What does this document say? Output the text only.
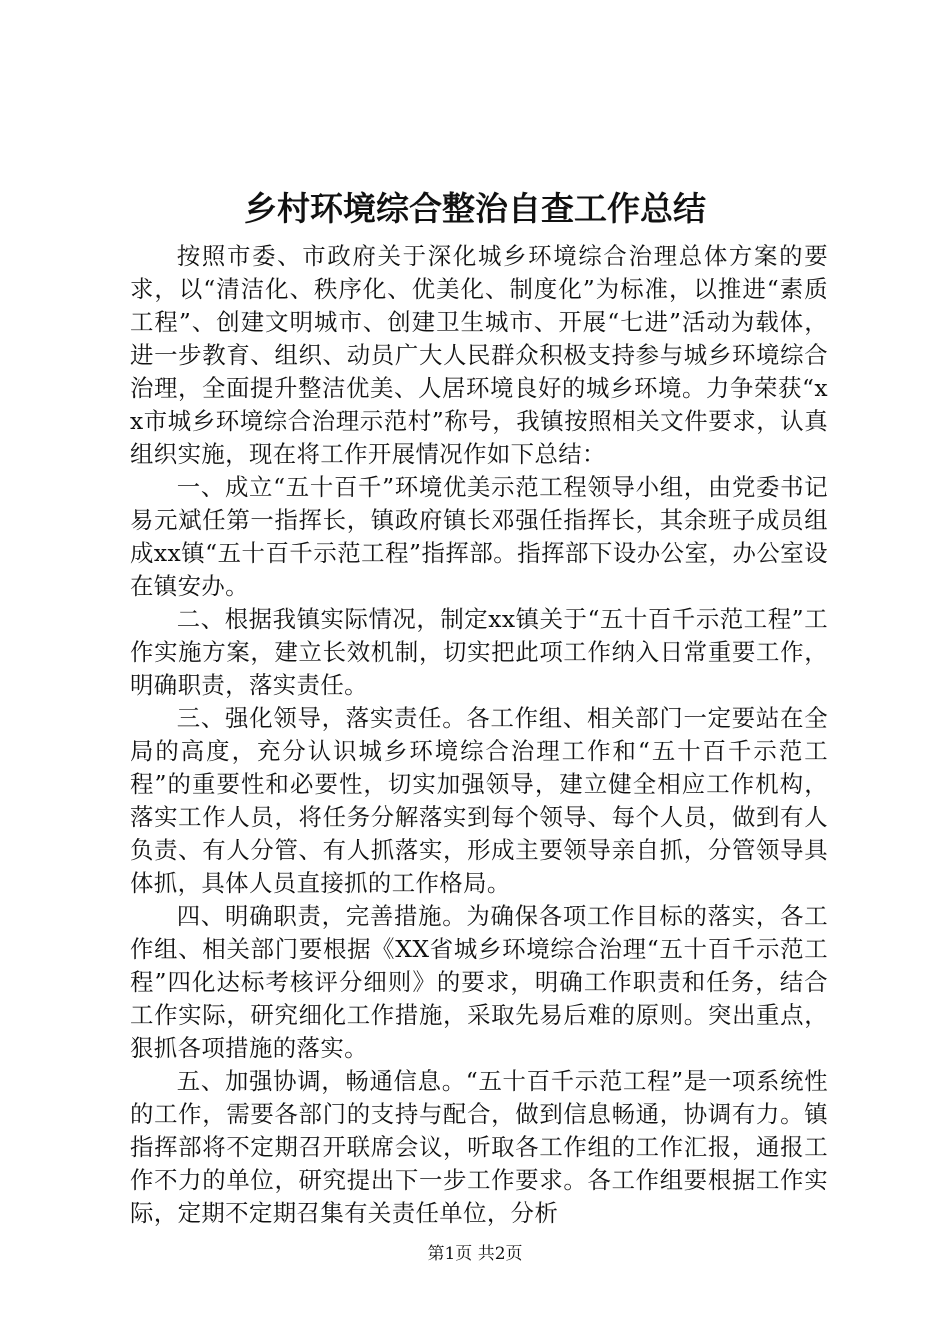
乡村环境综合整治自查工作总结

按照市委、市政府关于深化城乡环境综合治理总体方案的要求，以“清洁化、秩序化、优美化、制度化”为标准，以推进“素质工程”、创建文明城市、创建卫生城市、开展“七进”活动为载体，进一步教育、组织、动员广大人民群众积极支持参与城乡环境综合治理，全面提升整洁优美、人居环境良好的城乡环境。力争荣获“xx市城乡环境综合治理示范村”称号，我镇按照相关文件要求，认真组织实施，现在将工作开展情况作如下总结：

一、成立“五十百千”环境优美示范工程领导小组，由党委书记易元斌任第一指挥长，镇政府镇长邓强任指挥长，其余班子成员组成xx镇“五十百千示范工程”指挥部。指挥部下设办公室，办公室设在镇安办。

二、根据我镇实际情况，制定xx镇关于“五十百千示范工程”工作实施方案，建立长效机制，切实把此项工作纳入日常重要工作，明确职责，落实责任。

三、强化领导，落实责任。各工作组、相关部门一定要站在全局的高度，充分认识城乡环境综合治理工作和“五十百千示范工程”的重要性和必要性，切实加强领导，建立健全相应工作机构，落实工作人员，将任务分解落实到每个领导、每个人员，做到有人负责、有人分管、有人抓落实，形成主要领导亲自抓，分管领导具体抓，具体人员直接抓的工作格局。

四、明确职责，完善措施。为确保各项工作目标的落实，各工作组、相关部门要根据《XX省城乡环境综合治理“五十百千示范工程”四化达标考核评分细则》的要求，明确工作职责和任务，结合工作实际，研究细化工作措施，采取先易后难的原则。突出重点，狠抓各项措施的落实。

五、加强协调，畅通信息。“五十百千示范工程”是一项系统性的工作，需要各部门的支持与配合，做到信息畅通，协调有力。镇指挥部将不定期召开联席会议，听取各工作组的工作汇报，通报工作不力的单位，研究提出下一步工作要求。各工作组要根据工作实际，定期不定期召集有关责任单位，分析

第1页 共2页
